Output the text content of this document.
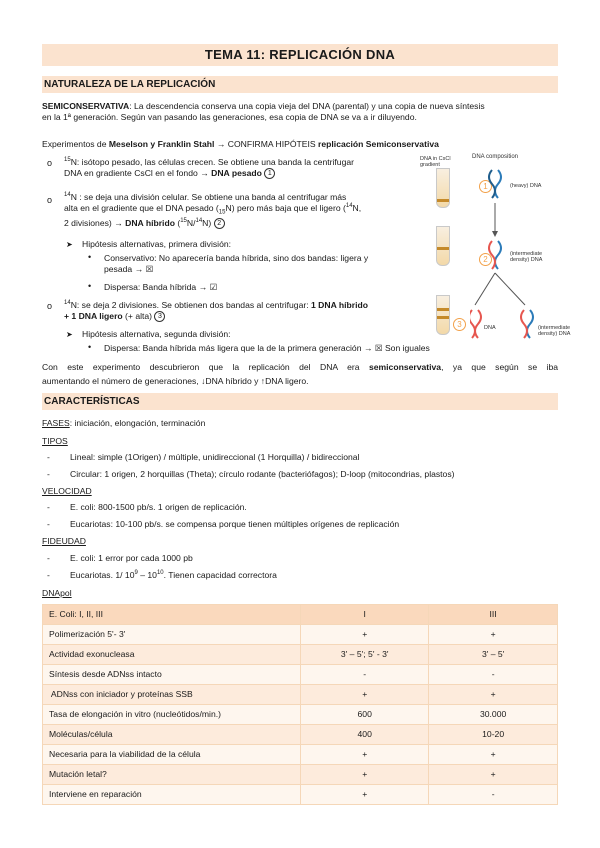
TEMA 11: REPLICACIÓN DNA
NATURALEZA DE LA REPLICACIÓN
SEMICONSERVATIVA: La descendencia conserva una copia vieja del DNA (parental) y una copia de nueva síntesis
en la 1ª generación. Según van pasando las generaciones, esa copia de DNA se va a ir diluyendo.
Experimentos de Meselson y Franklin Stahl → CONFIRMA HIPÓTEIS replicación Semiconservativa
o $^{15}$N: isótopo pesado, las células crecen. Se obtiene una banda la centrifugar
DNA en gradiente CsCl en el fondo → DNA pesado 1
o $^{14}$N : se deja una división celular. Se obtiene una banda al centrifugar más
alta en el gradiente que el DNA pesado $(_{15}N)$ pero más baja que el ligero ($^{14}$N,
2 divisiones) → DNA híbrido ($^{15}$N/$^{14}$N) 2
➤ Hipótesis alternativas, primera división:
• Conservativo: No aparecería banda híbrida, sino dos bandas: ligera y
pesada → ☒
• Dispersa: Banda híbrida → ☑
o $^{14}$N: se deja 2 divisiones. Se obtienen dos bandas al centrifugar: 1 DNA híbrido
+ 1 DNA ligero (+ alta) 3
➤ Hipótesis alternativa, segunda división:
• Dispersa: Banda híbrida más ligera que la de la primera generación → ☒ Son iguales
Con este experimento descubrieron que la replicación del DNA era semiconservativa, ya que según se iba
aumentando el número de generaciones, ↓DNA híbrido y ↑DNA ligero.
DNA in CsCl gradient
DNA composition
1
2
3
(heavy) DNA
(intermediate density) DNA
DNA	(intermediate density) DNA
CARACTERÍSTICAS
FASES: iniciación, elongación, terminación
TIPOS
- Lineal: simple (1Origen) / múltiple, unidireccional (1 Horquilla) / bidireccional
- Circular: 1 origen, 2 horquillas (Theta); círculo rodante (bacteriófagos); D-loop (mitocondrias, plastos)
VELOCIDAD
- E. coli: 800-1500 pb/s. 1 origen de replicación.
- Eucariotas: 10-100 pb/s. se compensa porque tienen múltiples orígenes de replicación
FIDEUDAD
- E. coli: 1 error por cada 1000 pb
- Eucariotas. 1/ $10^9 - 10^{10}$. Tienen capacidad correctora
DNApol
E. Coli: I, II, III	I	III
Polimerización 5'- 3'	+	+
Actividad exonucleasa	3' – 5'; 5' - 3'	3' – 5'
Síntesis desde ADNss intacto	-	-
ADNss con iniciador y proteínas SSB	+	+
Tasa de elongación in vitro (nucleótidos/min.)	600	30.000
Moléculas/célula	400	10-20
Necesaria para la viabilidad de la célula	+	+
Mutación letal?	+	+
Interviene en reparación	+	-
